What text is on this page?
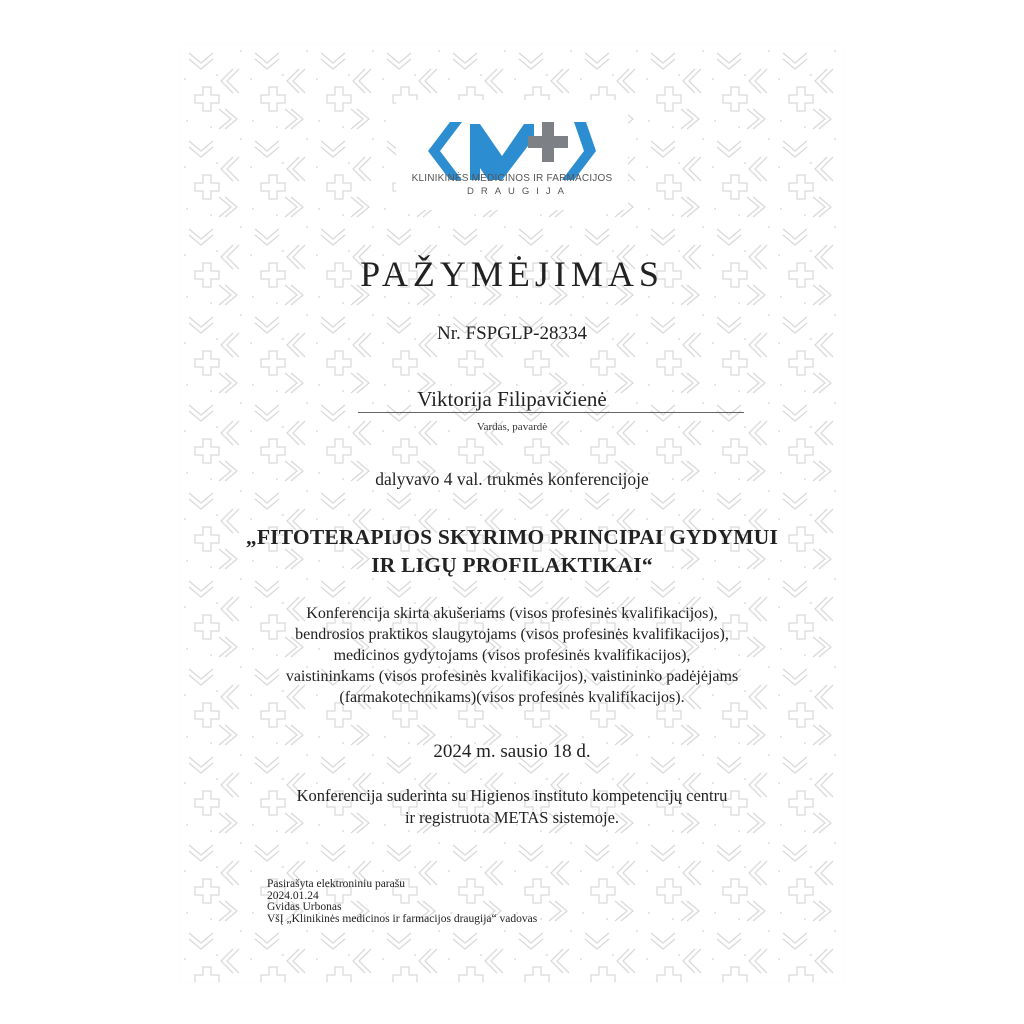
KLINIKINĖS MEDICINOS IR FARMACIJOS
DRAUGIJA
PAŽYMĖJIMAS
Nr. FSPGLP-28334
Viktorija Filipavičienė
Vardas, pavardė
dalyvavo 4 val. trukmės konferencijoje
„FITOTERAPIJOS SKYRIMO PRINCIPAI GYDYMUI
IR LIGŲ PROFILAKTIKAI“
Konferencija skirta akušeriams (visos profesinės kvalifikacijos),
bendrosios praktikos slaugytojams (visos profesinės kvalifikacijos),
medicinos gydytojams (visos profesinės kvalifikacijos),
vaistininkams (visos profesinės kvalifikacijos), vaistininko padėjėjams
(farmakotechnikams)(visos profesinės kvalifikacijos).
2024 m. sausio 18 d.
Konferencija suderinta su Higienos instituto kompetencijų centru
ir registruota METAS sistemoje.
Pasirašyta elektroniniu parašu
2024.01.24
Gvidas Urbonas
VšĮ „Klinikinės medicinos ir farmacijos draugija“ vadovas
